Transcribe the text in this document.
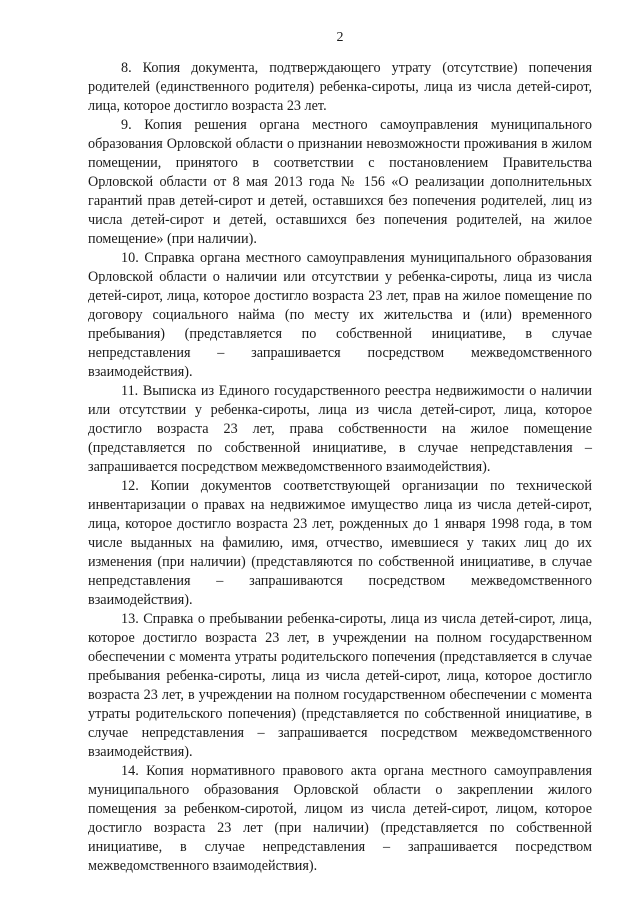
2

8. Копия документа, подтверждающего утрату (отсутствие) попечения родителей (единственного родителя) ребенка-сироты, лица из числа детей-сирот, лица, которое достигло возраста 23 лет.

9. Копия решения органа местного самоуправления муниципального образования Орловской области о признании невозможности проживания в жилом помещении, принятого в соответствии с постановлением Правительства Орловской области от 8 мая 2013 года № 156 «О реализации дополнительных гарантий прав детей-сирот и детей, оставшихся без попечения родителей, лиц из числа детей-сирот и детей, оставшихся без попечения родителей, на жилое помещение» (при наличии).

10. Справка органа местного самоуправления муниципального образования Орловской области о наличии или отсутствии у ребенка-сироты, лица из числа детей-сирот, лица, которое достигло возраста 23 лет, прав на жилое помещение по договору социального найма (по месту их жительства и (или) временного пребывания) (представляется по собственной инициативе, в случае непредставления – запрашивается посредством межведомственного взаимодействия).

11. Выписка из Единого государственного реестра недвижимости о наличии или отсутствии у ребенка-сироты, лица из числа детей-сирот, лица, которое достигло возраста 23 лет, права собственности на жилое помещение (представляется по собственной инициативе, в случае непредставления – запрашивается посредством межведомственного взаимодействия).

12. Копии документов соответствующей организации по технической инвентаризации о правах на недвижимое имущество лица из числа детей-сирот, лица, которое достигло возраста 23 лет, рожденных до 1 января 1998 года, в том числе выданных на фамилию, имя, отчество, имевшиеся у таких лиц до их изменения (при наличии) (представляются по собственной инициативе, в случае непредставления – запрашиваются посредством межведомственного взаимодействия).

13. Справка о пребывании ребенка-сироты, лица из числа детей-сирот, лица, которое достигло возраста 23 лет, в учреждении на полном государственном обеспечении с момента утраты родительского попечения (представляется в случае пребывания ребенка-сироты, лица из числа детей-сирот, лица, которое достигло возраста 23 лет, в учреждении на полном государственном обеспечении с момента утраты родительского попечения) (представляется по собственной инициативе, в случае непредставления – запрашивается посредством межведомственного взаимодействия).

14. Копия нормативного правового акта органа местного самоуправления муниципального образования Орловской области о закреплении жилого помещения за ребенком-сиротой, лицом из числа детей-сирот, лицом, которое достигло возраста 23 лет (при наличии) (представляется по собственной инициативе, в случае непредставления – запрашивается посредством межведомственного взаимодействия).
